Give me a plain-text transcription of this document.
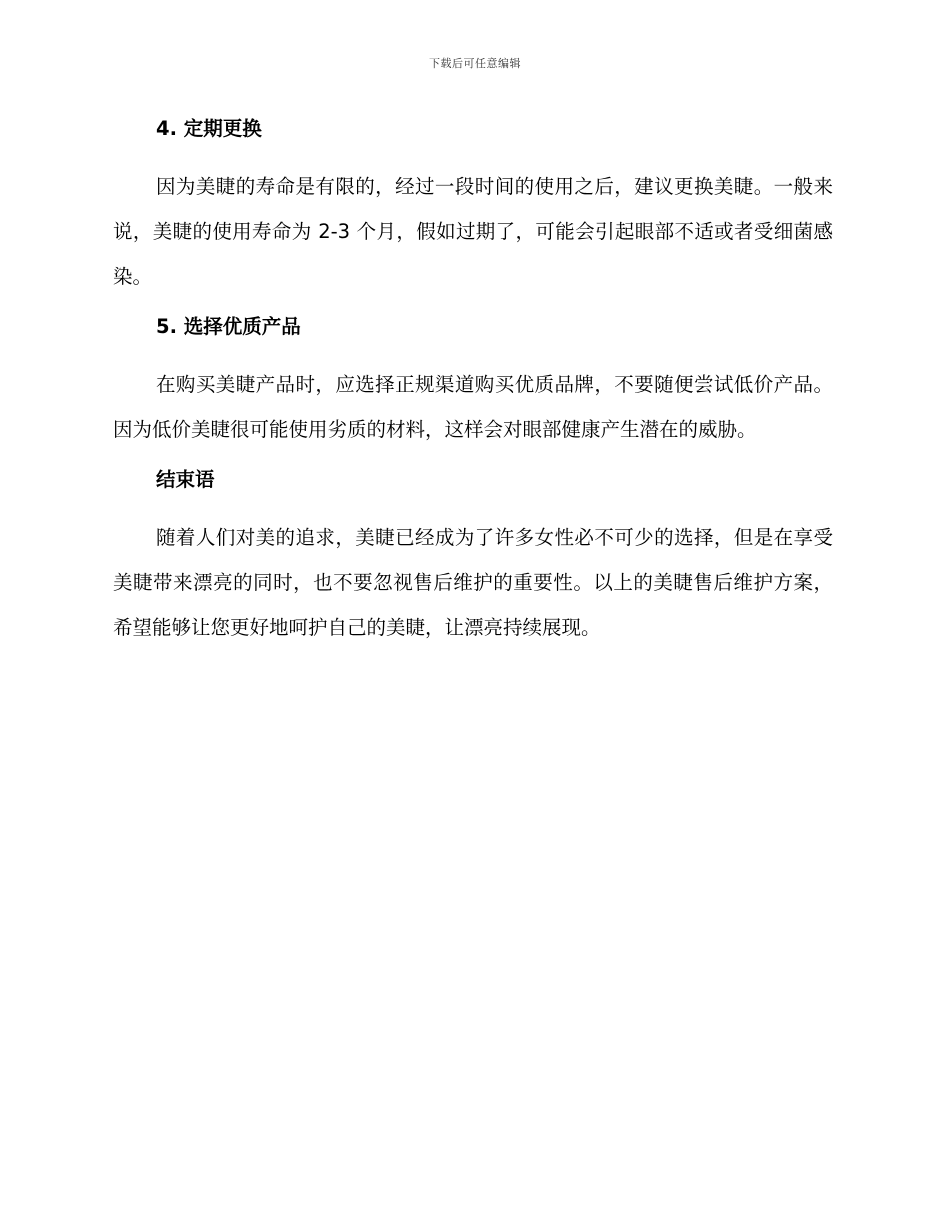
下载后可任意编辑
4. 定期更换

因为美睫的寿命是有限的，经过一段时间的使用之后，建议更换美睫。一般来说，美睫的使用寿命为 2-3 个月，假如过期了，可能会引起眼部不适或者受细菌感染。

5. 选择优质产品

在购买美睫产品时，应选择正规渠道购买优质品牌，不要随便尝试低价产品。因为低价美睫很可能使用劣质的材料，这样会对眼部健康产生潜在的威胁。

结束语

随着人们对美的追求，美睫已经成为了许多女性必不可少的选择，但是在享受美睫带来漂亮的同时，也不要忽视售后维护的重要性。以上的美睫售后维护方案，希望能够让您更好地呵护自己的美睫，让漂亮持续展现。
